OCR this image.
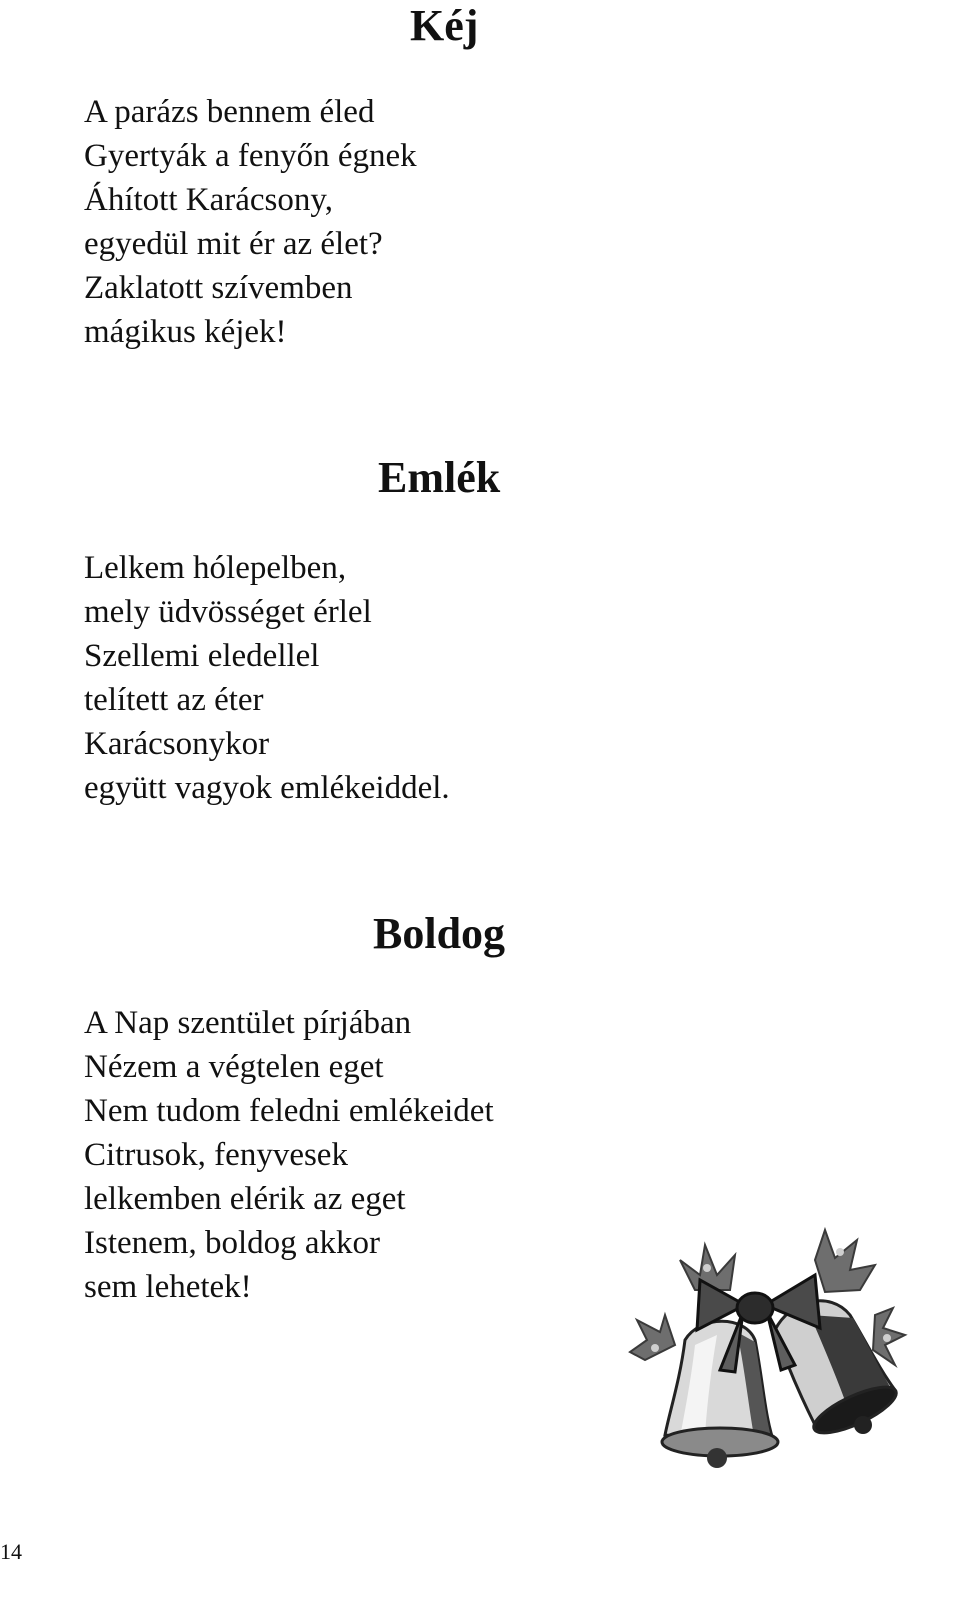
Kéj
A parázs bennem éled
Gyertyák a fenyőn égnek
Áhított Karácsony,
egyedül mit ér az élet?
Zaklatott szívemben
mágikus kéjek!
Emlék
Lelkem hólepelben,
mely üdvösséget érlel
Szellemi eledellel
telített az éter
Karácsonykor
együtt vagyok emlékeiddel.
Boldog
A Nap szentület pírjában
Nézem a végtelen eget
Nem tudom feledni emlékeidet
Citrusok, fenyvesek
lelkemben elérik az eget
Istenem, boldog akkor
sem lehetek!
14
